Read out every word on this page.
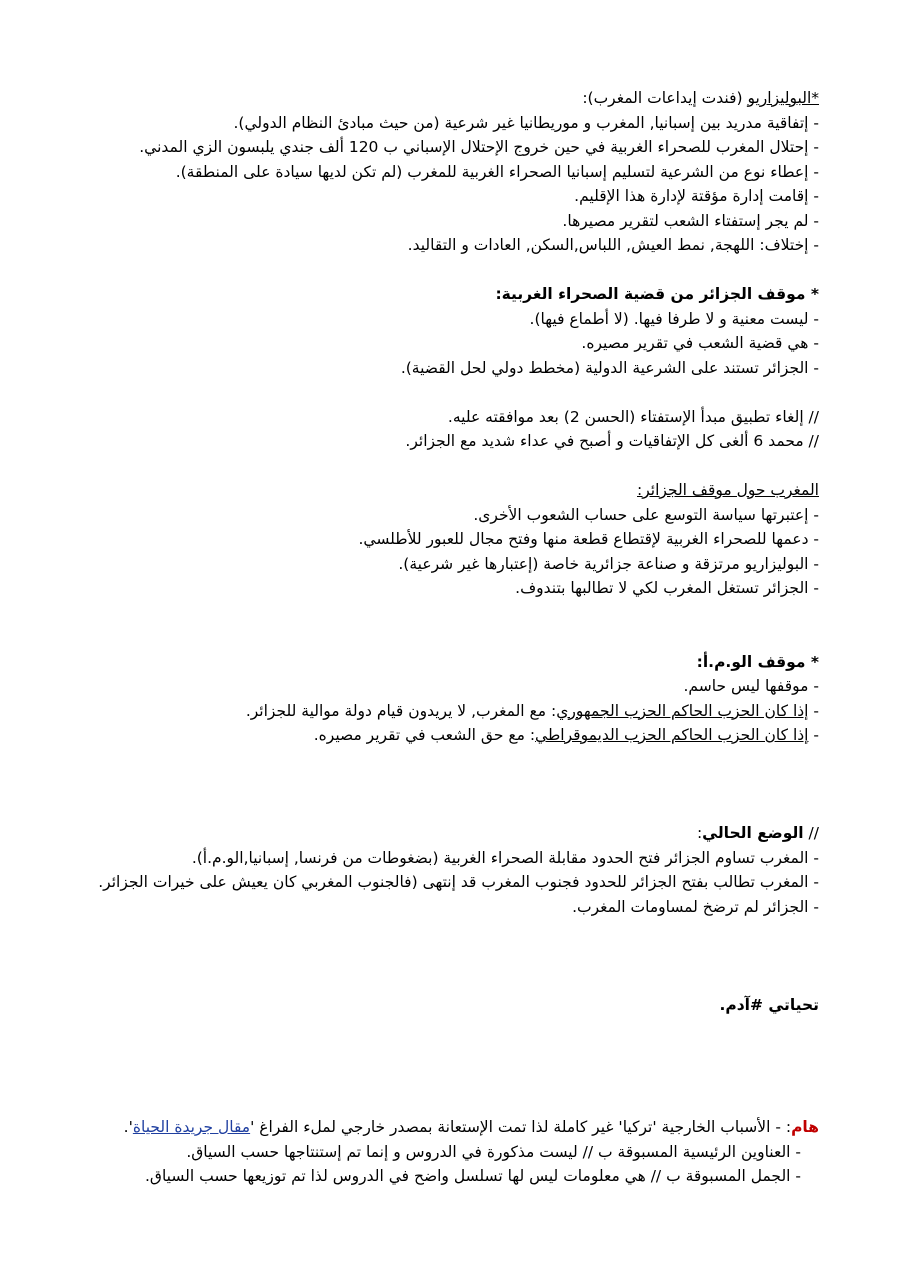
*البوليزاريو (فندت إيداعات المغرب):
- إتفاقية مدريد بين إسبانيا, المغرب و موريطانيا غير شرعية (من حيث مبادئ النظام الدولي).
- إحتلال المغرب للصحراء الغربية في حين خروج الإحتلال الإسباني ب 120 ألف جندي يلبسون الزي المدني.
- إعطاء نوع من الشرعية لتسليم إسبانيا الصحراء الغربية للمغرب (لم تكن لديها سيادة على المنطقة).
- إقامت إدارة مؤقتة لإدارة هذا الإقليم.
- لم يجر إستفتاء الشعب لتقرير مصيرها.
- إختلاف: اللهجة, نمط العيش, اللباس,السكن, العادات و التقاليد.
* موقف الجزائر من قضية الصحراء الغربية:
- ليست معنية و لا طرفا فيها. (لا أطماع فيها).
- هي قضية الشعب في تقرير مصيره.
- الجزائر تستند على الشرعية الدولية (مخطط دولي لحل القضية).
// إلغاء تطبيق مبدأ الإستفتاء (الحسن 2) بعد موافقته عليه.
// محمد 6 ألغى كل الإتفاقيات و أصبح في عداء شديد مع الجزائر.
المغرب حول موقف الجزائر:
- إعتبرتها سياسة التوسع على حساب الشعوب الأخرى.
- دعمها للصحراء الغربية لإقتطاع قطعة منها وفتح مجال للعبور للأطلسي.
- البوليزاريو مرتزقة و صناعة جزائرية خاصة (إعتبارها غير شرعية).
- الجزائر تستغل المغرب لكي لا تطالبها بتندوف.
* موقف الو.م.أ:
- موقفها ليس حاسم.
- إذا كان الحزب الحاكم الحزب الجمهوري: مع المغرب, لا يريدون قيام دولة موالية للجزائر.
- إذا كان الحزب الحاكم الحزب الديموقراطي: مع حق الشعب في تقرير مصيره.
// الوضع الحالي:
- المغرب تساوم الجزائر فتح الحدود مقابلة الصحراء الغربية (بضغوطات من فرنسا, إسبانيا,الو.م.أ).
- المغرب تطالب بفتح الجزائر للحدود فجنوب المغرب قد إنتهى (فالجنوب المغربي كان يعيش على خيرات الجزائر.
- الجزائر لم ترضخ لمساومات المغرب.
تحياتي #آدم.
هام: - الأسباب الخارجية 'تركيا' غير كاملة لذا تمت الإستعانة بمصدر خارجي لملء الفراغ 'مقال جريدة الحياة'.
- العناوين الرئيسية المسبوقة ب // ليست مذكورة في الدروس و إنما تم إستنتاجها حسب السياق.
- الجمل المسبوقة ب // هي معلومات ليس لها تسلسل واضح في الدروس لذا تم توزيعها حسب السياق.
